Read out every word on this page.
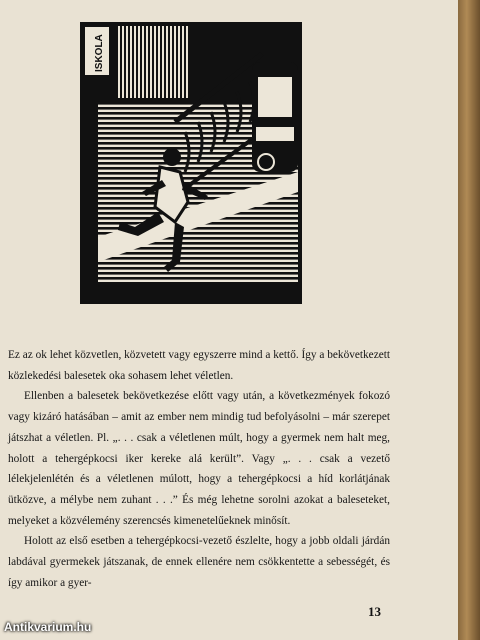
ISKOLA

Ez az ok lehet közvetlen, közvetett vagy egyszerre mind a kettő. Így a bekövetkezett közlekedési balesetek oka sohasem lehet véletlen.

Ellenben a balesetek bekövetkezése előtt vagy után, a következmények fokozó vagy kizáró hatásában – amit az ember nem mindig tud befolyásolni – már szerepet játszhat a véletlen. Pl. „. . . csak a véletlenen múlt, hogy a gyermek nem halt meg, holott a tehergépkocsi iker kereke alá került”. Vagy „. . . csak a vezető lélekjelenlétén és a véletlenen múlott, hogy a tehergépkocsi a híd korlátjának ütközve, a mélybe nem zuhant . . .” És még lehetne sorolni azokat a baleseteket, melyeket a közvélemény szerencsés kimenetelűeknek minősít.

Holott az első esetben a tehergépkocsi-vezető észlelte, hogy a jobb oldali járdán labdával gyermekek játszanak, de ennek ellenére nem csökkentette a sebességét, és így amikor a gyer-

13
Antikvarium.hu
